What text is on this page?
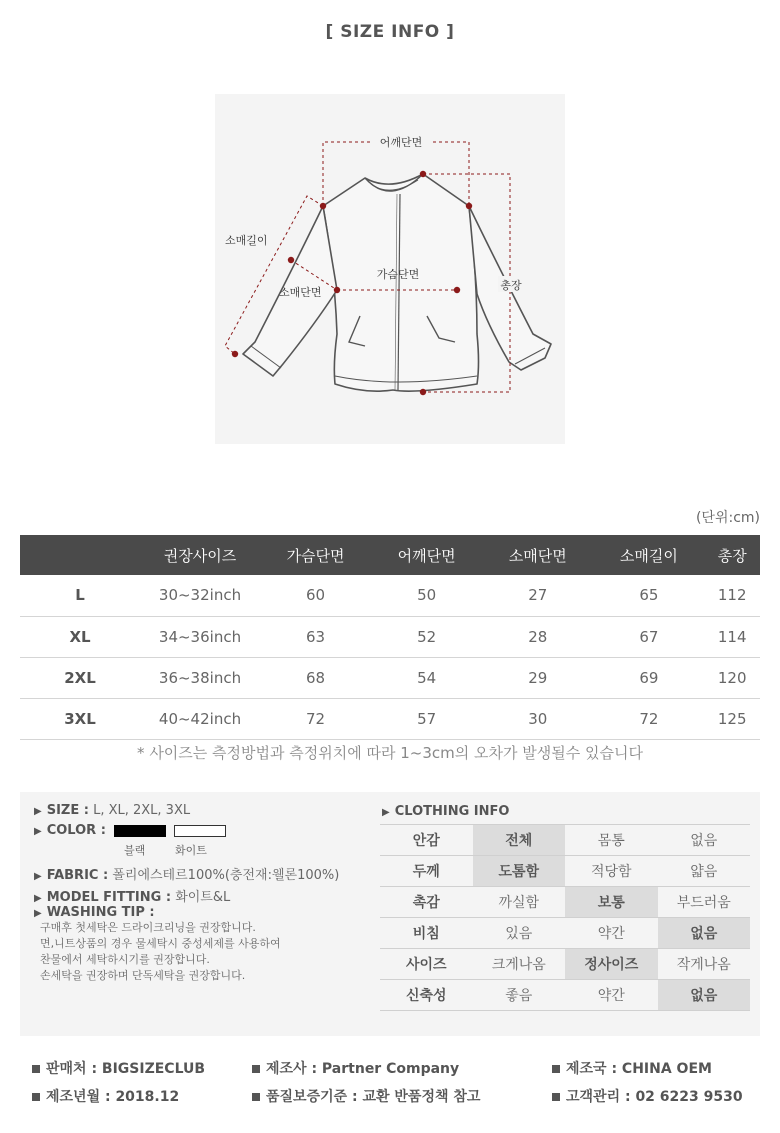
[ SIZE INFO ]
어깨단면
소매길이
가슴단면
소매단면
총장
(단위:cm)
	권장사이즈	가슴단면	어깨단면	소매단면	소매길이	총장
L	30~32inch	60	50	27	65	112
XL	34~36inch	63	52	28	67	114
2XL	36~38inch	68	54	29	69	120
3XL	40~42inch	72	57	30	72	125
* 사이즈는 측정방법과 측정위치에 따라 1~3cm의 오차가 발생될수 있습니다
▶ SIZE : L, XL, 2XL, 3XL
▶ COLOR :
블랙	화이트
▶ FABRIC : 폴리에스테르100%(충전재:웰론100%)
▶ MODEL FITTING : 화이트&L
▶ WASHING TIP :
구매후 첫세탁은 드라이크리닝을 권장합니다.
면,니트상품의 경우 물세탁시 중성세제를 사용하여
찬물에서 세탁하시기를 권장합니다.
손세탁을 권장하며 단독세탁을 권장합니다.
▶ CLOTHING INFO
안감	전체	몸통	없음
두께	도톰함	적당함	얇음
촉감	까실함	보통	부드러움
비침	있음	약간	없음
사이즈	크게나옴	정사이즈	작게나옴
신축성	좋음	약간	없음
판매처 : BIGSIZECLUB	제조사 : Partner Company	제조국 : CHINA OEM
제조년월 : 2018.12	품질보증기준 : 교환 반품정책 참고	고객관리 : 02 6223 9530
